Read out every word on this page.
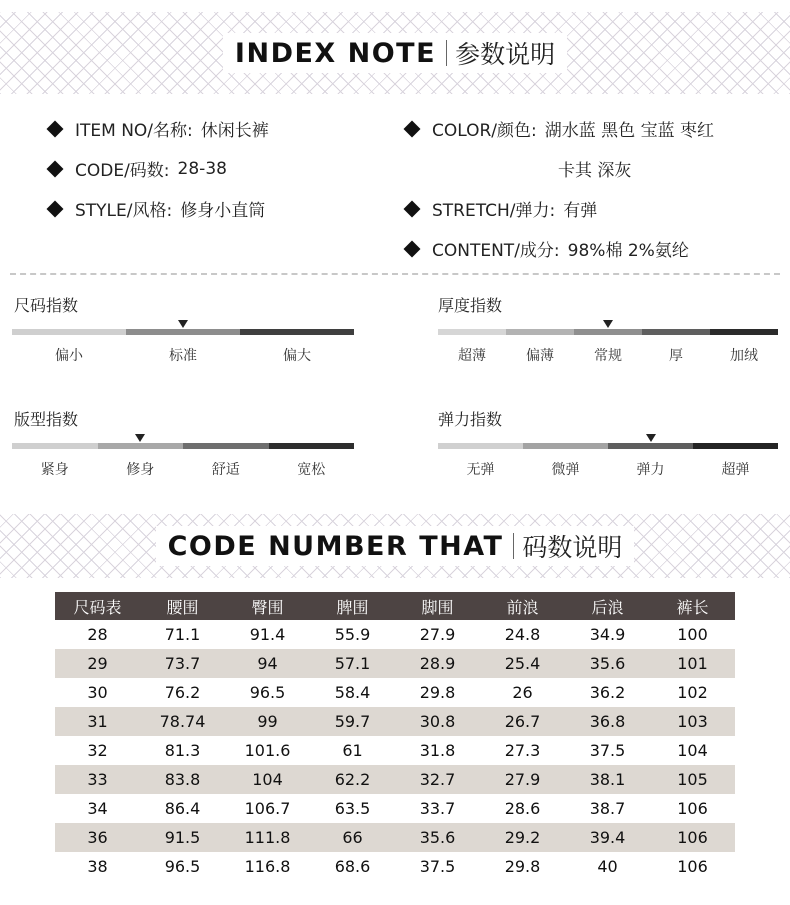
INDEX NOTE 参数说明
ITEM NO/名称: 休闲长裤
CODE/码数: 28-38
STYLE/风格: 修身小直筒
COLOR/颜色: 湖水蓝 黑色 宝蓝 枣红
卡其 深灰
STRETCH/弹力: 有弹
CONTENT/成分: 98%棉 2%氨纶
尺码指数
偏小	标准	偏大
厚度指数
超薄	偏薄	常规	厚	加绒
版型指数
紧身	修身	舒适	宽松
弹力指数
无弹	微弹	弹力	超弹
CODE NUMBER THAT 码数说明
尺码表	腰围	臀围	脾围	脚围	前浪	后浪	裤长
28	71.1	91.4	55.9	27.9	24.8	34.9	100
29	73.7	94	57.1	28.9	25.4	35.6	101
30	76.2	96.5	58.4	29.8	26	36.2	102
31	78.74	99	59.7	30.8	26.7	36.8	103
32	81.3	101.6	61	31.8	27.3	37.5	104
33	83.8	104	62.2	32.7	27.9	38.1	105
34	86.4	106.7	63.5	33.7	28.6	38.7	106
36	91.5	111.8	66	35.6	29.2	39.4	106
38	96.5	116.8	68.6	37.5	29.8	40	106
